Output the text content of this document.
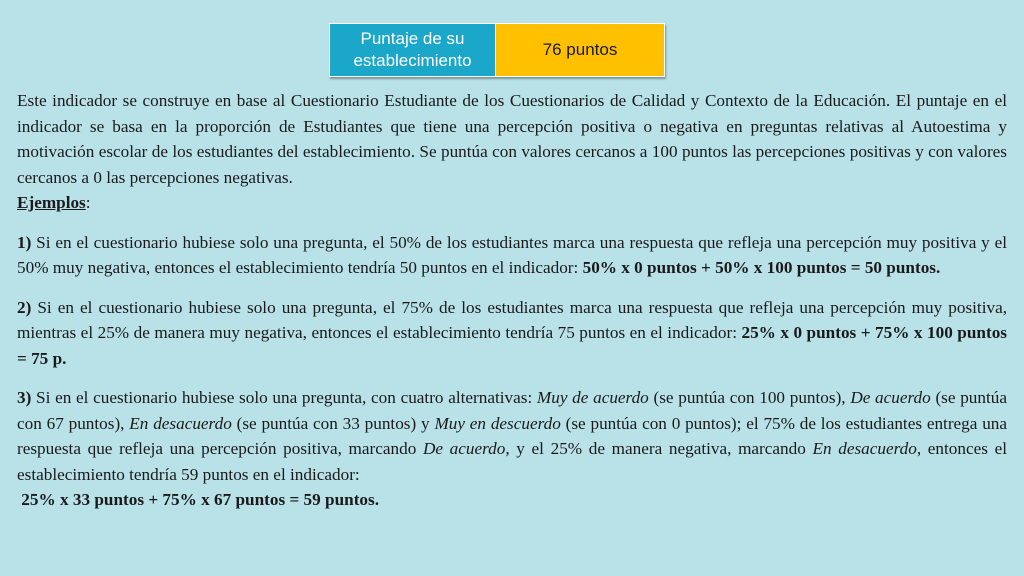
Puntaje de su establecimiento
76 puntos

Este indicador se construye en base al Cuestionario Estudiante de los Cuestionarios de Calidad y Contexto de la Educación. El puntaje en el indicador se basa en la proporción de Estudiantes que tiene una percepción positiva o negativa en preguntas relativas al Autoestima y motivación escolar de los estudiantes del establecimiento. Se puntúa con valores cercanos a 100 puntos las percepciones positivas y con valores cercanos a 0 las percepciones negativas.

Ejemplos:

1) Si en el cuestionario hubiese solo una pregunta, el 50% de los estudiantes marca una respuesta que refleja una percepción muy positiva y el 50% muy negativa, entonces el establecimiento tendría 50 puntos en el indicador: 50% x 0 puntos + 50% x 100 puntos = 50 puntos.

2) Si en el cuestionario hubiese solo una pregunta, el 75% de los estudiantes marca una respuesta que refleja una percepción muy positiva, mientras el 25% de manera muy negativa, entonces el establecimiento tendría 75 puntos en el indicador: 25% x 0 puntos + 75% x 100 puntos = 75 p.

3) Si en el cuestionario hubiese solo una pregunta, con cuatro alternativas: Muy de acuerdo (se puntúa con 100 puntos), De acuerdo (se puntúa con 67 puntos), En desacuerdo (se puntúa con 33 puntos) y Muy en descuerdo (se puntúa con 0 puntos); el 75% de los estudiantes entrega una respuesta que refleja una percepción positiva, marcando De acuerdo, y el 25% de manera negativa, marcando En desacuerdo, entonces el establecimiento tendría 59 puntos en el indicador:

25% x 33 puntos + 75% x 67 puntos = 59 puntos.
